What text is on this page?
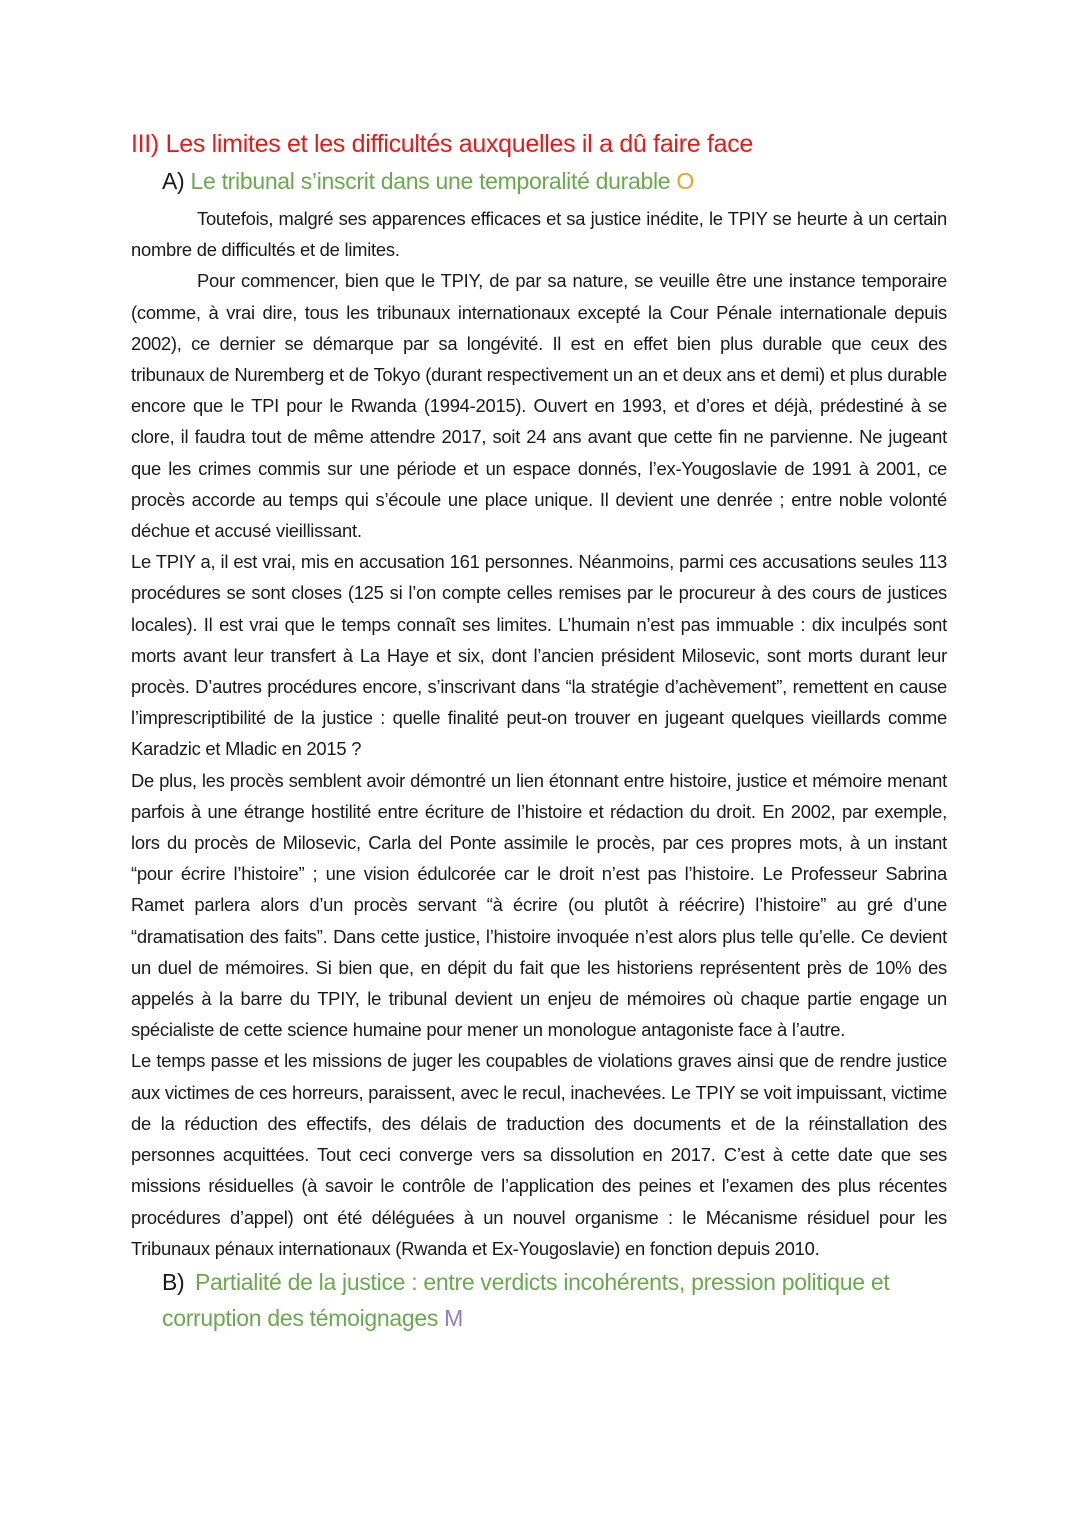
III) Les limites et les difficultés auxquelles il a dû faire face
A) Le tribunal s’inscrit dans une temporalité durable O

Toutefois, malgré ses apparences efficaces et sa justice inédite, le TPIY se heurte à un certain nombre de difficultés et de limites.

Pour commencer, bien que le TPIY, de par sa nature, se veuille être une instance temporaire (comme, à vrai dire, tous les tribunaux internationaux excepté la Cour Pénale internationale depuis 2002), ce dernier se démarque par sa longévité. Il est en effet bien plus durable que ceux des tribunaux de Nuremberg et de Tokyo (durant respectivement un an et deux ans et demi) et plus durable encore que le TPI pour le Rwanda (1994-2015). Ouvert en 1993, et d’ores et déjà, prédestiné à se clore, il faudra tout de même attendre 2017, soit 24 ans avant que cette fin ne parvienne. Ne jugeant que les crimes commis sur une période et un espace donnés, l’ex-Yougoslavie de 1991 à 2001, ce procès accorde au temps qui s’écoule une place unique. Il devient une denrée ; entre noble volonté déchue et accusé vieillissant.

Le TPIY a, il est vrai, mis en accusation 161 personnes. Néanmoins, parmi ces accusations seules 113 procédures se sont closes (125 si l’on compte celles remises par le procureur à des cours de justices locales). Il est vrai que le temps connaît ses limites. L’humain n’est pas immuable : dix inculpés sont morts avant leur transfert à La Haye et six, dont l’ancien président Milosevic, sont morts durant leur procès. D’autres procédures encore, s’inscrivant dans “la stratégie d’achèvement”, remettent en cause l’imprescriptibilité de la justice : quelle finalité peut-on trouver en jugeant quelques vieillards comme Karadzic et Mladic en 2015 ?

De plus, les procès semblent avoir démontré un lien étonnant entre histoire, justice et mémoire menant parfois à une étrange hostilité entre écriture de l’histoire et rédaction du droit. En 2002, par exemple, lors du procès de Milosevic, Carla del Ponte assimile le procès, par ces propres mots, à un instant “pour écrire l’histoire” ; une vision édulcorée car le droit n’est pas l’histoire. Le Professeur Sabrina Ramet parlera alors d’un procès servant “à écrire (ou plutôt à réécrire) l’histoire” au gré d’une “dramatisation des faits”. Dans cette justice, l’histoire invoquée n’est alors plus telle qu’elle. Ce devient un duel de mémoires. Si bien que, en dépit du fait que les historiens représentent près de 10% des appelés à la barre du TPIY, le tribunal devient un enjeu de mémoires où chaque partie engage un spécialiste de cette science humaine pour mener un monologue antagoniste face à l’autre.

Le temps passe et les missions de juger les coupables de violations graves ainsi que de rendre justice aux victimes de ces horreurs, paraissent, avec le recul, inachevées. Le TPIY se voit impuissant, victime de la réduction des effectifs, des délais de traduction des documents et de la réinstallation des personnes acquittées. Tout ceci converge vers sa dissolution en 2017. C’est à cette date que ses missions résiduelles (à savoir le contrôle de l’application des peines et l’examen des plus récentes procédures d’appel) ont été déléguées à un nouvel organisme : le Mécanisme résiduel pour les Tribunaux pénaux internationaux (Rwanda et Ex-Yougoslavie) en fonction depuis 2010.

B) Partialité de la justice : entre verdicts incohérents, pression politique et corruption des témoignages M
